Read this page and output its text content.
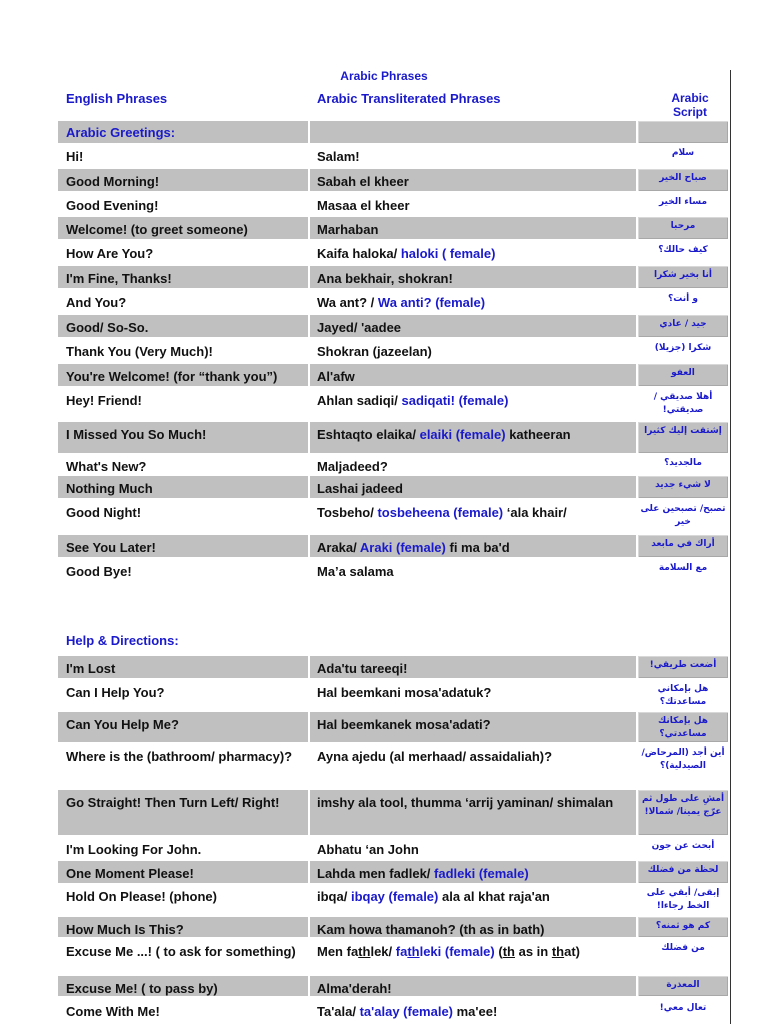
Arabic Phrases
English Phrases	Arabic Transliterated Phrases	Arabic Script
Arabic Greetings:
Hi!	Salam!	سلام
Good Morning!	Sabah el kheer	صباح الخير
Good Evening!	Masaa el kheer	مساء الخير
Welcome! (to greet someone)	Marhaban	مرحبا
How Are You?	Kaifa haloka/ haloki ( female)	كيف حالك؟
I'm Fine, Thanks!	Ana bekhair, shokran!	أنا بخير شكرا
And You?	Wa ant? / Wa anti? (female)	و أنت؟
Good/ So-So.	Jayed/ 'aadee	جيد / عادي
Thank You (Very Much)!	Shokran (jazeelan)	شكرا (جزيلا)
You're Welcome! (for “thank you”)	Al'afw	العفو
Hey! Friend!	Ahlan sadiqi/ sadiqati! (female)	أهلا صديقي /صديقتي!
I Missed You So Much!	Eshtaqto elaika/ elaiki (female) katheeran	إشتقت إليك كثيرا
What's New?	Maljadeed?	مالجديد؟
Nothing Much	Lashai jadeed	لا شيء جديد
Good Night!	Tosbeho/ tosbeheena (female) ‘ala khair/	تصبح/ تصبحين على خير
See You Later!	Araka/ Araki (female) fi ma ba'd	أراك في مابعد
Good Bye!	Ma’a salama	مع السلامة
Help & Directions:
I'm Lost	Ada'tu tareeqi!	أضعت طريقي!
Can I Help You?	Hal beemkani mosa'adatuk?	هل بإمكاني مساعدتك؟
Can You Help Me?	Hal beemkanek mosa'adati?	هل بإمكانك مساعدتي؟
Where is the (bathroom/ pharmacy)?	Ayna ajedu (al merhaad/ assaidaliah)?	أين أجد (المرحاض/ الصيدلية)؟
Go Straight! Then Turn Left/ Right!	imshy ala tool, thumma ‘arrij yaminan/ shimalan	أمشِ على طول ثم عرّج يمينا/ شمالا!
I'm Looking For John.	Abhatu ‘an John	أبحث عن جون
One Moment Please!	Lahda men fadlek/ fadleki (female)	لحظة من فضلك
Hold On Please! (phone)	ibqa/ ibqay (female) ala al khat raja'an	إبقى/ أبقي على الخط رجاءا!
How Much Is This?	Kam howa thamanoh? (th as in bath)	كم هو ثمنه؟
Excuse Me ...! ( to ask for something)	Men fathlek/ fathleki (female) (th as in that)	من فضلك
Excuse Me! ( to pass by)	Alma'derah!	المعذرة
Come With Me!	Ta'ala/ ta'alay (female) ma'ee!	تعال معي!
